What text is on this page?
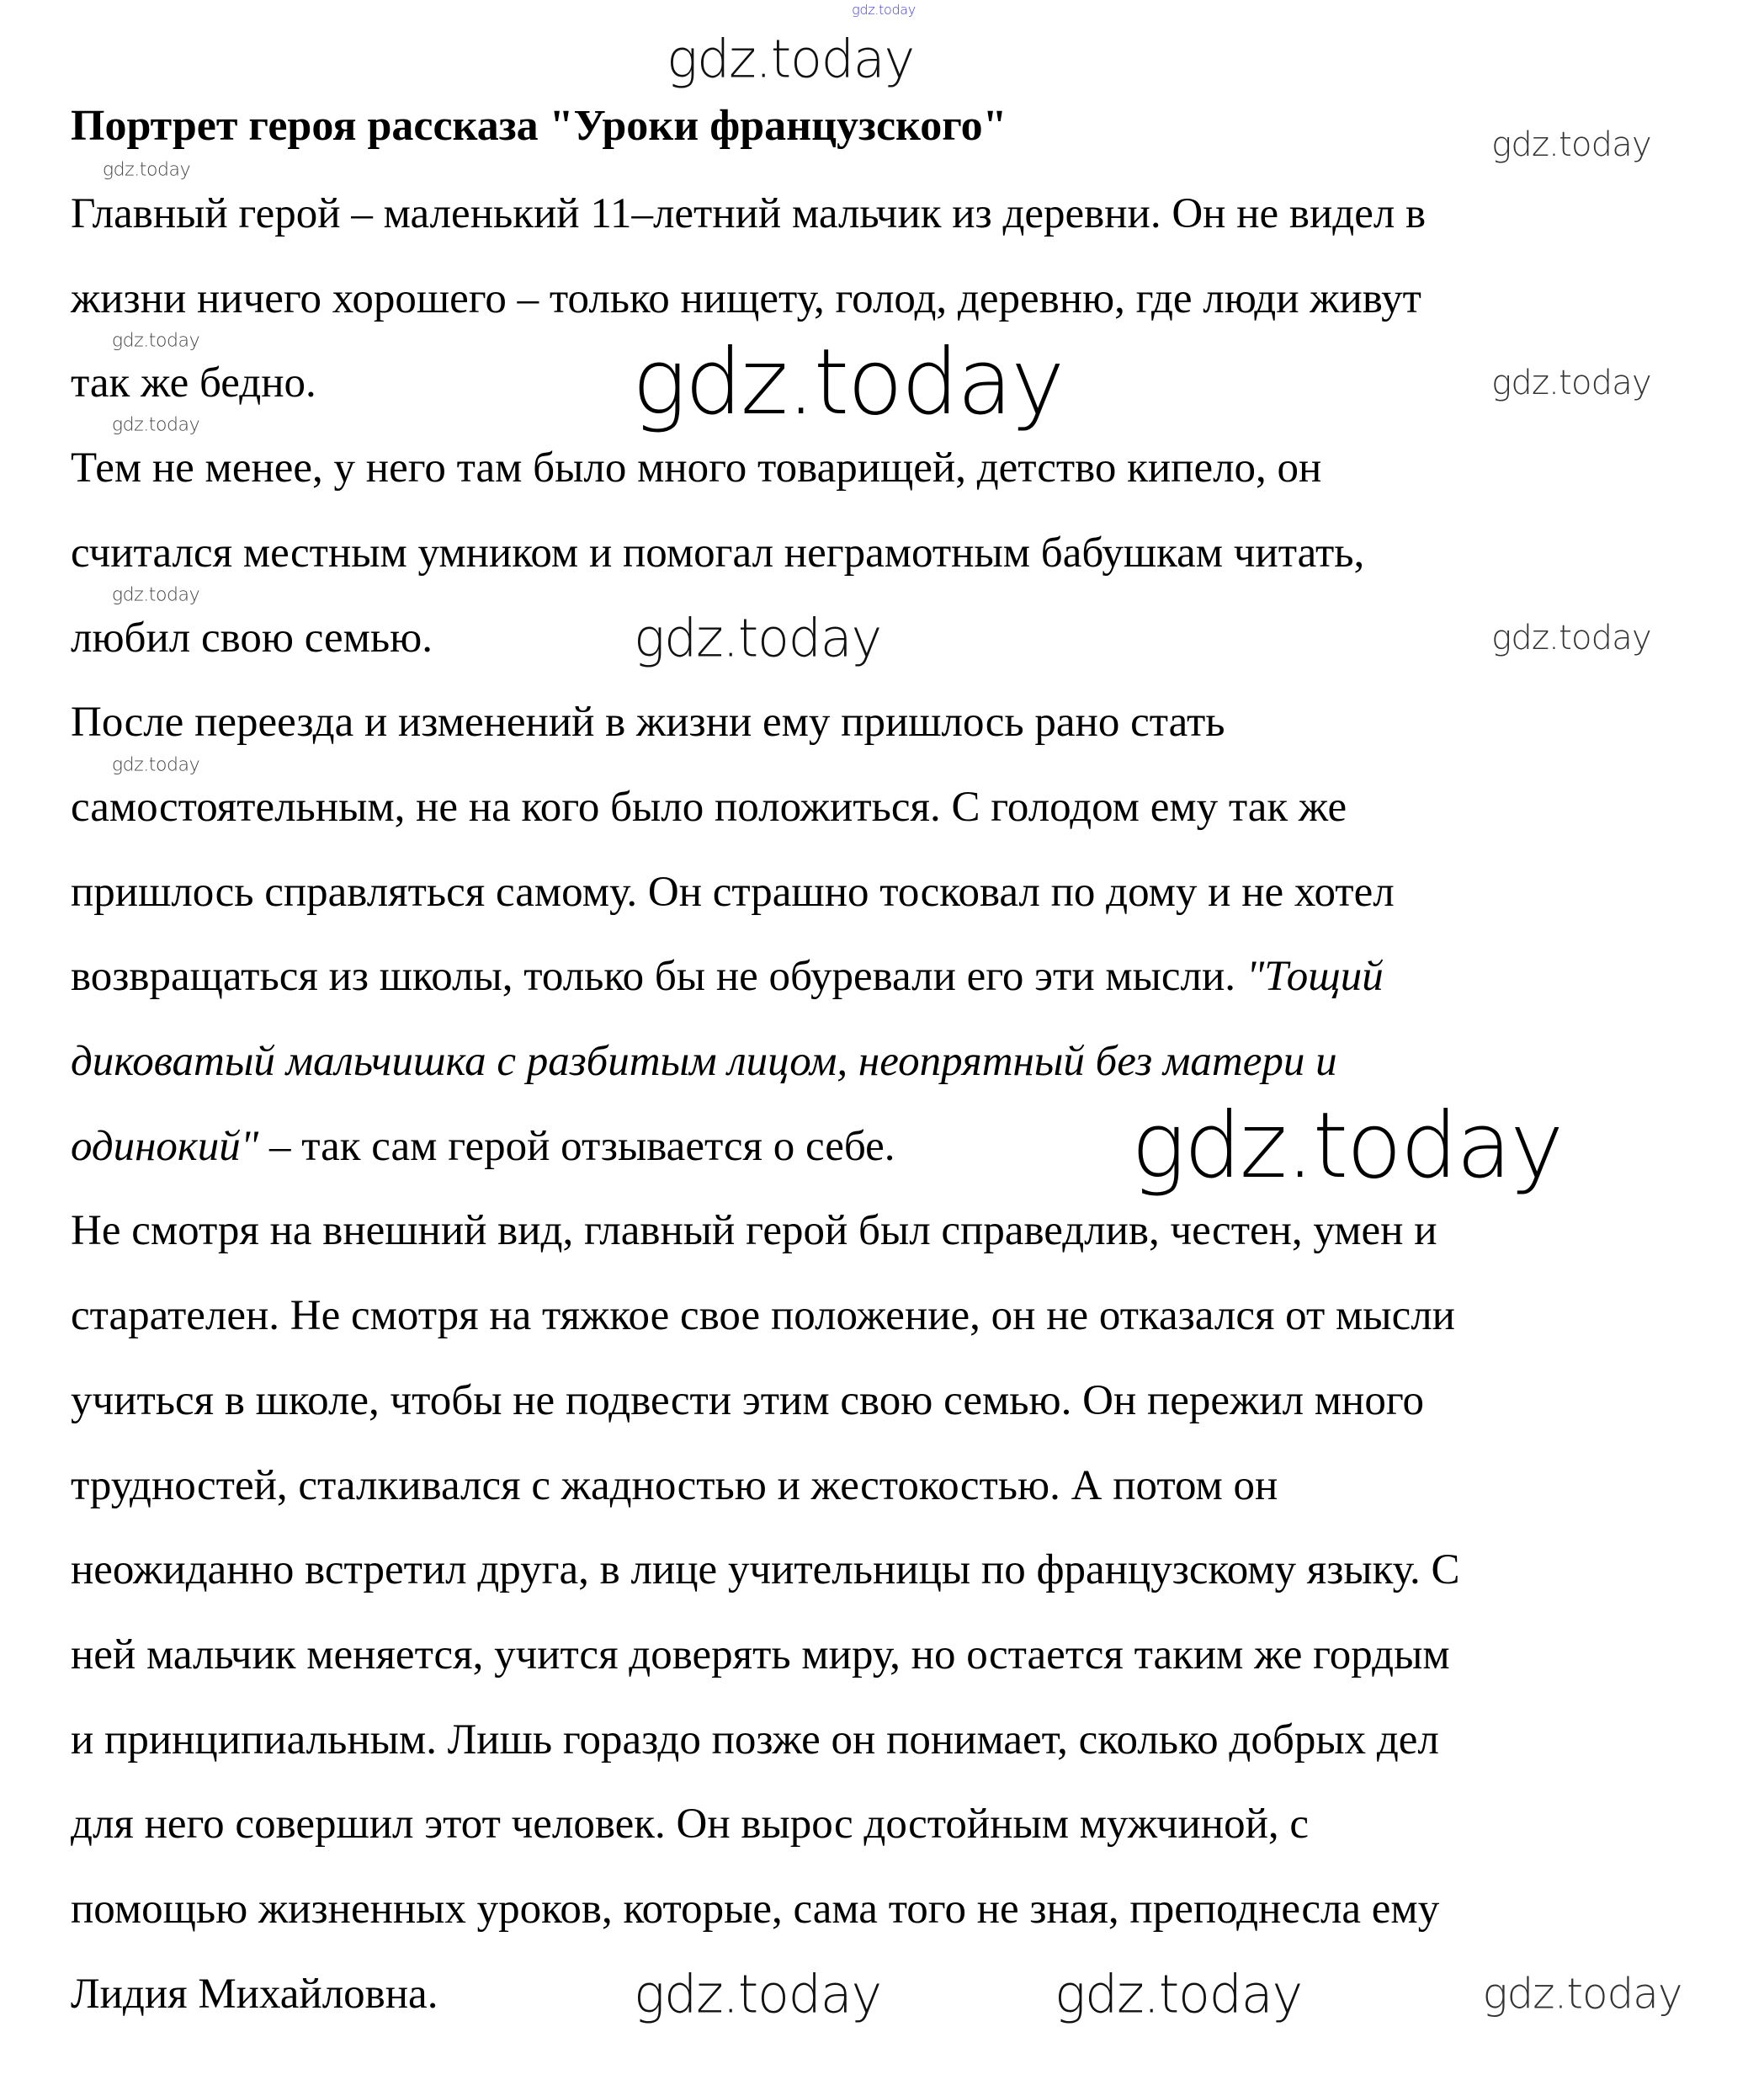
gdz.today
gdz.today
Портрет героя рассказа "Уроки французского"
Главный герой – маленький 11–летний мальчик из деревни. Он не видел в
жизни ничего хорошего – только нищету, голод, деревню, где люди живут
так же бедно.
Тем не менее, у него там было много товарищей, детство кипело, он
считался местным умником и помогал неграмотным бабушкам читать,
любил свою семью.
После переезда и изменений в жизни ему пришлось рано стать
самостоятельным, не на кого было положиться. С голодом ему так же
пришлось справляться самому. Он страшно тосковал по дому и не хотел
возвращаться из школы, только бы не обуревали его эти мысли. "Тощий
диковатый мальчишка с разбитым лицом, неопрятный без матери и
одинокий" – так сам герой отзывается о себе.
Не смотря на внешний вид, главный герой был справедлив, честен, умен и
старателен. Не смотря на тяжкое свое положение, он не отказался от мысли
учиться в школе, чтобы не подвести этим свою семью. Он пережил много
трудностей, сталкивался с жадностью и жестокостью. А потом он
неожиданно встретил друга, в лице учительницы по французскому языку. С
ней мальчик меняется, учится доверять миру, но остается таким же гордым
и принципиальным. Лишь гораздо позже он понимает, сколько добрых дел
для него совершил этот человек. Он вырос достойным мужчиной, с
помощью жизненных уроков, которые, сама того не зная, преподнесла ему
Лидия Михайловна.
gdz.today
gdz.today
gdz.today
gdz.today
gdz.today
gdz.today
gdz.today
gdz.today
gdz.today
gdz.today
gdz.today
gdz.today	gdz.today	gdz.today
